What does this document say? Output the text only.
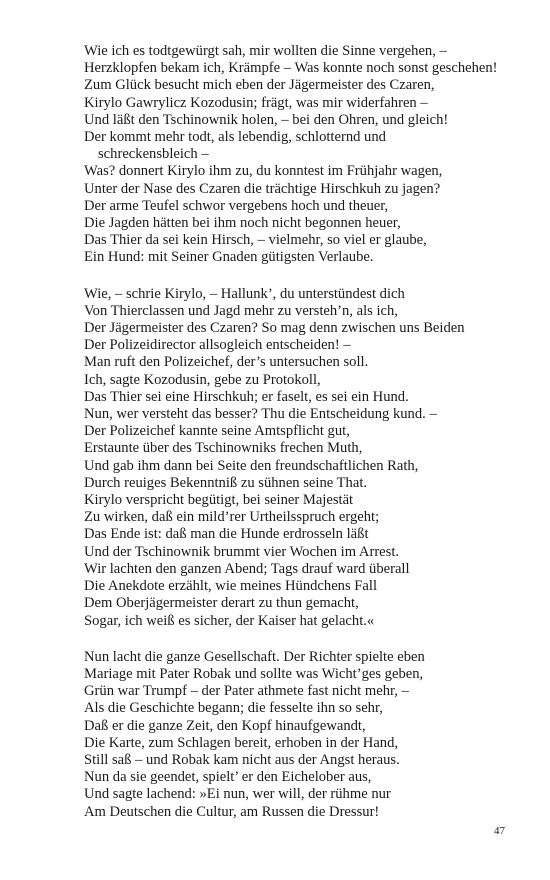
Wie ich es todtgewürgt sah, mir wollten die Sinne vergehen, –

Herzklopfen bekam ich, Krämpfe – Was konnte noch sonst geschehen!

Zum Glück besucht mich eben der Jägermeister des Czaren,

Kirylo Gawrylicz Kozodusin; frägt, was mir widerfahren –

Und läßt den Tschinownik holen, – bei den Ohren, und gleich!

Der kommt mehr todt, als lebendig, schlotternd und

schreckensbleich –

Was? donnert Kirylo ihm zu, du konntest im Frühjahr wagen,

Unter der Nase des Czaren die trächtige Hirschkuh zu jagen?

Der arme Teufel schwor vergebens hoch und theuer,

Die Jagden hätten bei ihm noch nicht begonnen heuer,

Das Thier da sei kein Hirsch, – vielmehr, so viel er glaube,

Ein Hund: mit Seiner Gnaden gütigsten Verlaube.

Wie, – schrie Kirylo, – Hallunk’, du unterstündest dich

Von Thierclassen und Jagd mehr zu versteh’n, als ich,

Der Jägermeister des Czaren? So mag denn zwischen uns Beiden

Der Polizeidirector allsogleich entscheiden! –

Man ruft den Polizeichef, der’s untersuchen soll.

Ich, sagte Kozodusin, gebe zu Protokoll,

Das Thier sei eine Hirschkuh; er faselt, es sei ein Hund.

Nun, wer versteht das besser? Thu die Entscheidung kund. –

Der Polizeichef kannte seine Amtspflicht gut,

Erstaunte über des Tschinowniks frechen Muth,

Und gab ihm dann bei Seite den freundschaftlichen Rath,

Durch reuiges Bekenntniß zu sühnen seine That.

Kirylo verspricht begütigt, bei seiner Majestät

Zu wirken, daß ein mild’rer Urtheilsspruch ergeht;

Das Ende ist: daß man die Hunde erdrosseln läßt

Und der Tschinownik brummt vier Wochen im Arrest.

Wir lachten den ganzen Abend; Tags drauf ward überall

Die Anekdote erzählt, wie meines Hündchens Fall

Dem Oberjägermeister derart zu thun gemacht,

Sogar, ich weiß es sicher, der Kaiser hat gelacht.«

Nun lacht die ganze Gesellschaft. Der Richter spielte eben

Mariage mit Pater Robak und sollte was Wicht’ges geben,

Grün war Trumpf – der Pater athmete fast nicht mehr, –

Als die Geschichte begann; die fesselte ihn so sehr,

Daß er die ganze Zeit, den Kopf hinaufgewandt,

Die Karte, zum Schlagen bereit, erhoben in der Hand,

Still saß – und Robak kam nicht aus der Angst heraus.

Nun da sie geendet, spielt’ er den Eichelober aus,

Und sagte lachend: »Ei nun, wer will, der rühme nur

Am Deutschen die Cultur, am Russen die Dressur!

47
